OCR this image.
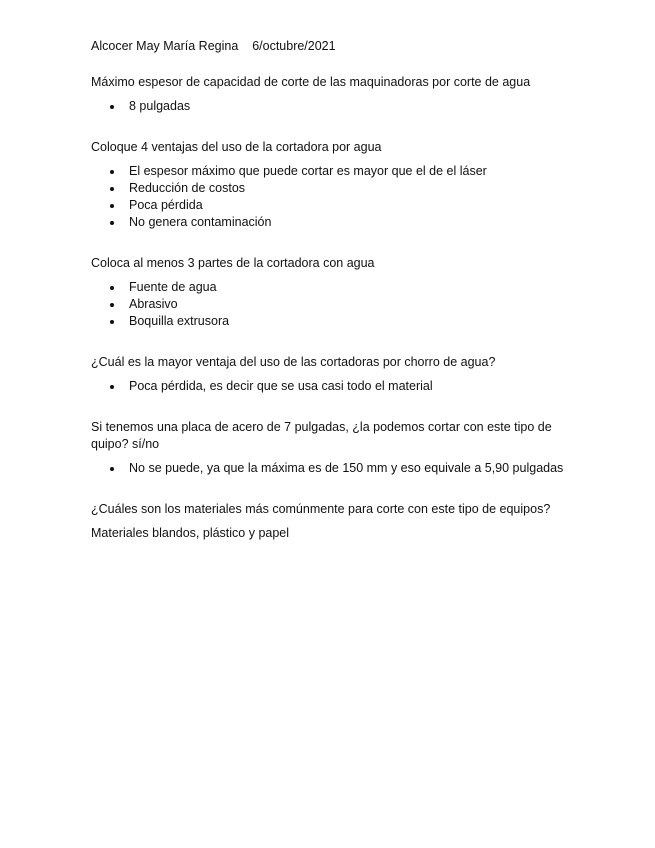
Alcocer May María Regina 6/octubre/2021

Máximo espesor de capacidad de corte de las maquinadoras por corte de agua

8 pulgadas

Coloque 4 ventajas del uso de la cortadora por agua

El espesor máximo que puede cortar es mayor que el de el láser
Reducción de costos
Poca pérdida
No genera contaminación

Coloca al menos 3 partes de la cortadora con agua

Fuente de agua
Abrasivo
Boquilla extrusora

¿Cuál es la mayor ventaja del uso de las cortadoras por chorro de agua?

Poca pérdida, es decir que se usa casi todo el material

Si tenemos una placa de acero de 7 pulgadas, ¿la podemos cortar con este tipo de quipo? sí/no

No se puede, ya que la máxima es de 150 mm y eso equivale a 5,90 pulgadas

¿Cuáles son los materiales más comúnmente para corte con este tipo de equipos?

Materiales blandos, plástico y papel
